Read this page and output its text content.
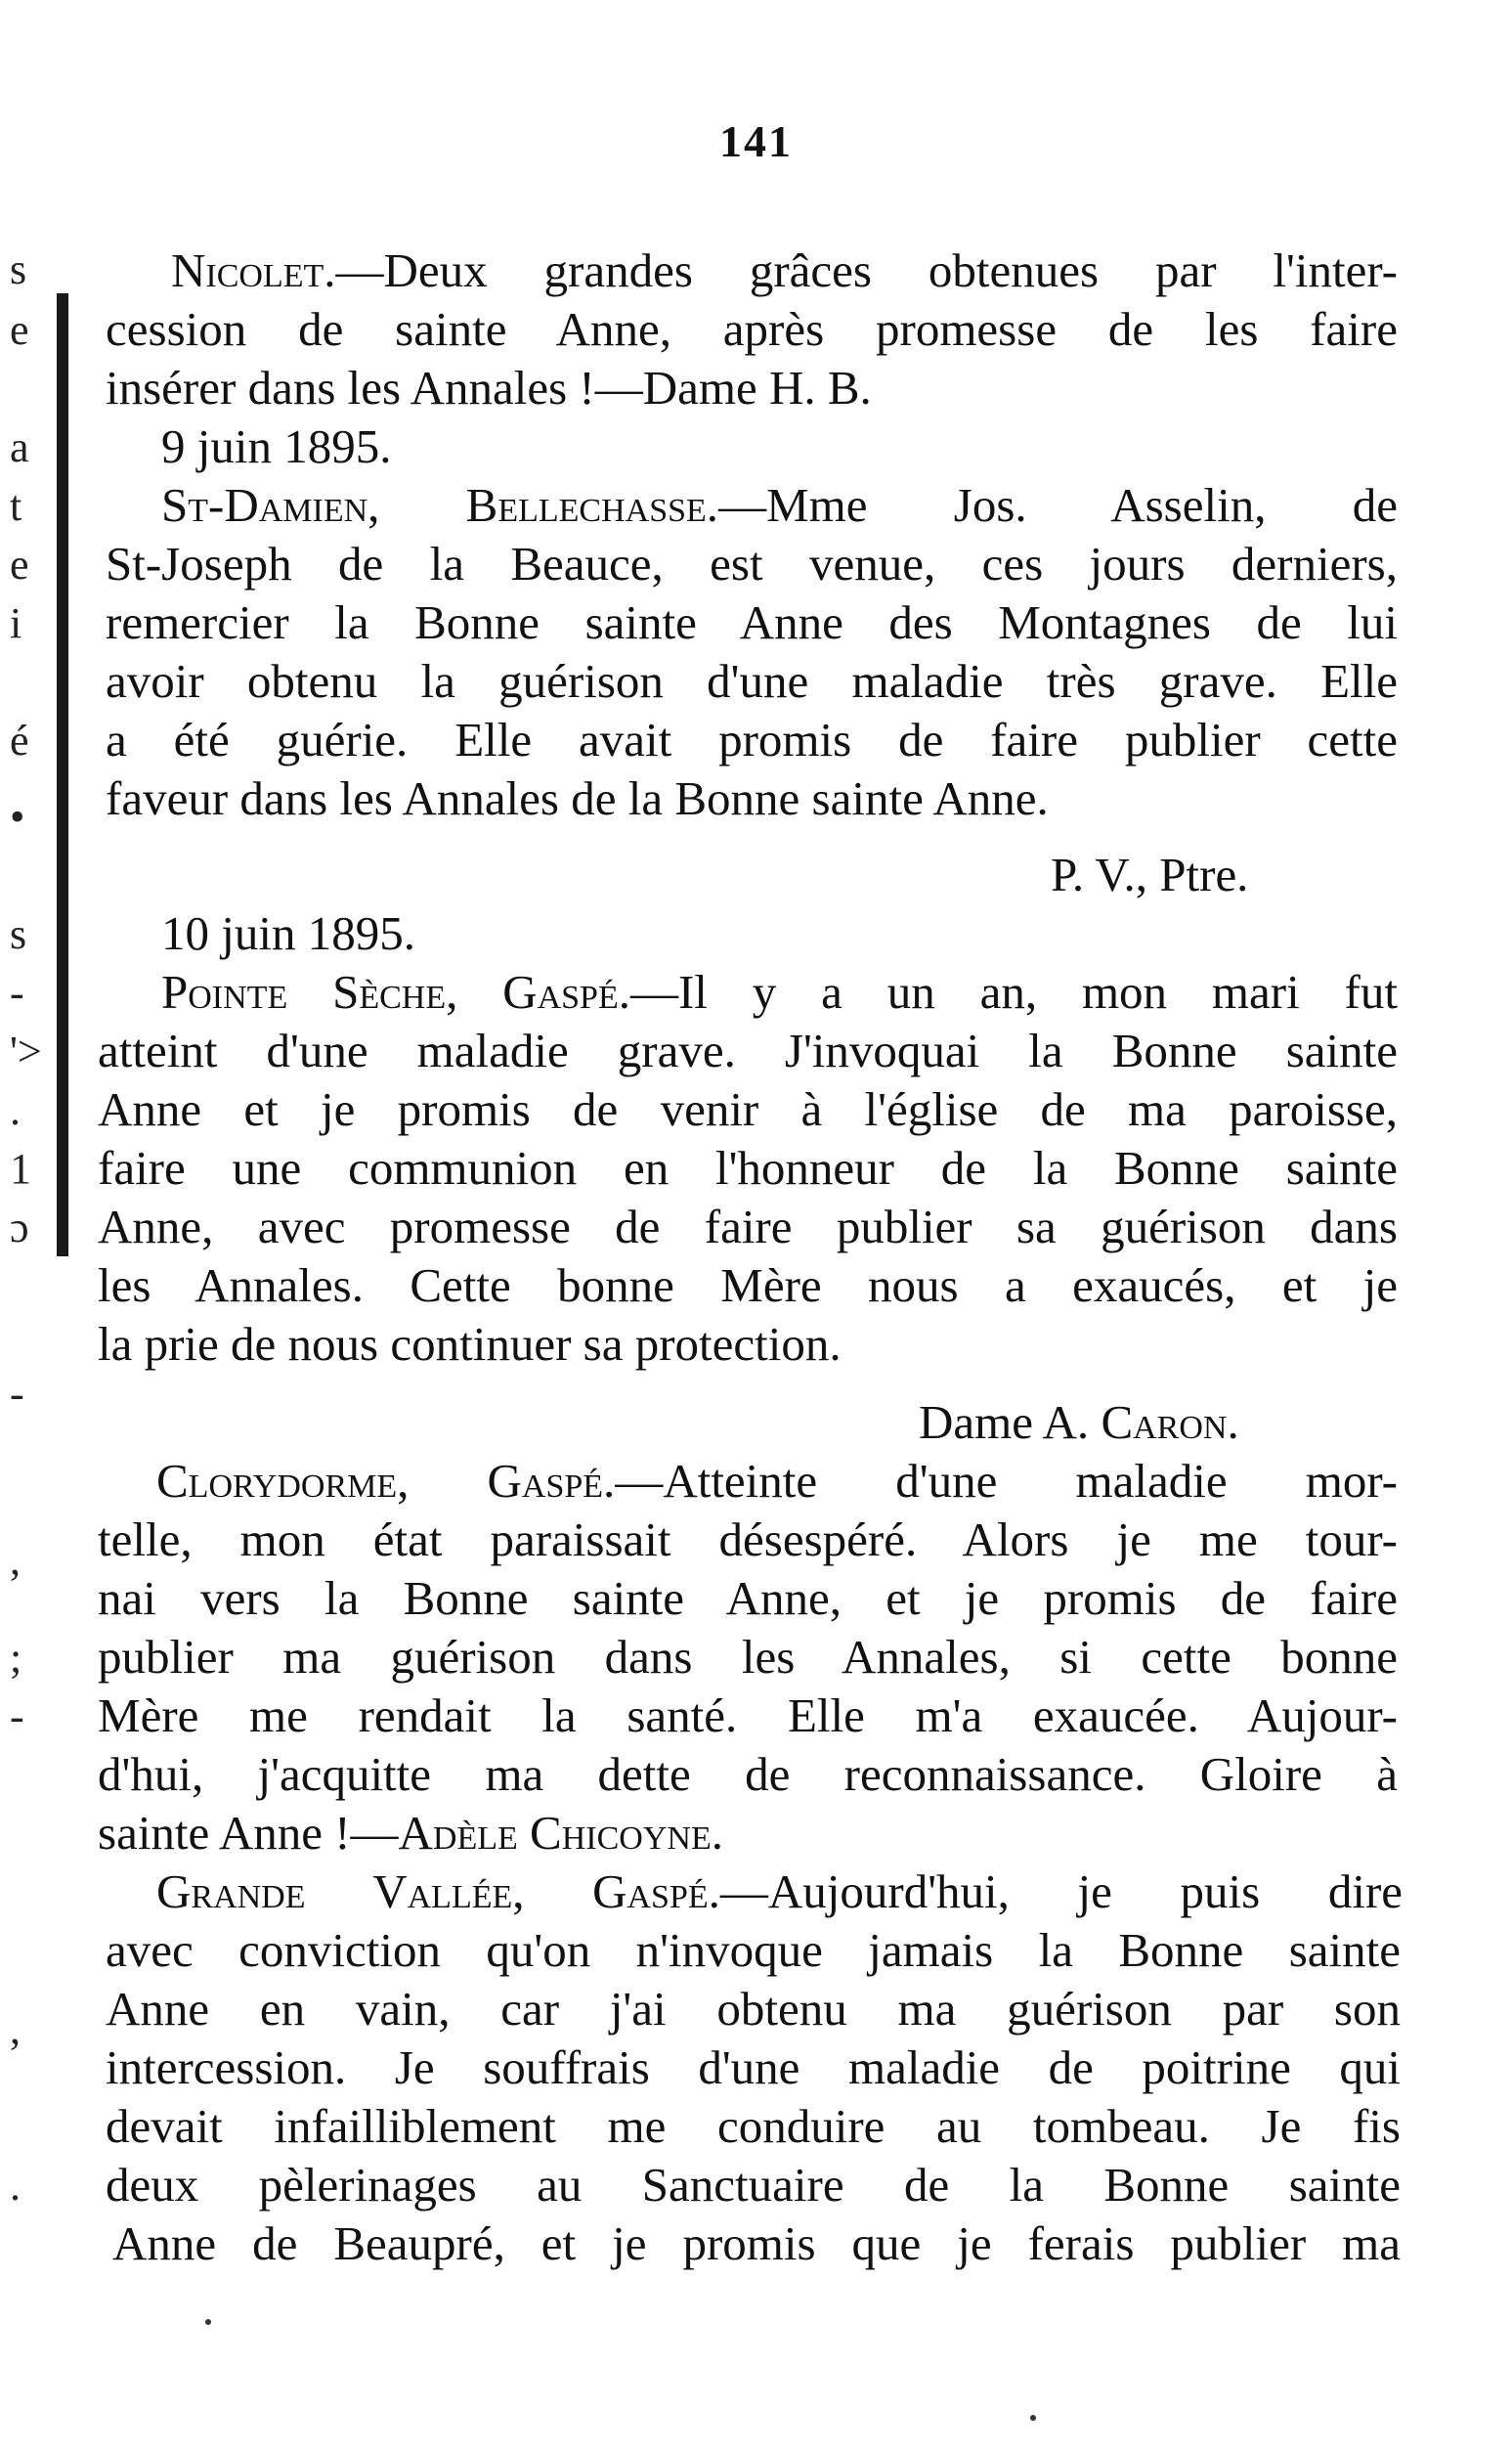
141
s
e
a
t
e
i
é
•
s
-
'>
.
1
ɔ
-
,
;
-
,
.
Nicolet.—Deux grandes grâces obtenues par l'inter-
cession de sainte Anne, après promesse de les faire
insérer dans les Annales !—Dame H. B.
9 juin 1895.
St-Damien, Bellechasse.—Mme Jos. Asselin, de
St-Joseph de la Beauce, est venue, ces jours derniers,
remercier la Bonne sainte Anne des Montagnes de lui
avoir obtenu la guérison d'une maladie très grave. Elle
a été guérie. Elle avait promis de faire publier cette
faveur dans les Annales de la Bonne sainte Anne.
P. V., Ptre.
10 juin 1895.
Pointe Sèche, Gaspé.—Il y a un an, mon mari fut
atteint d'une maladie grave. J'invoquai la Bonne sainte
Anne et je promis de venir à l'église de ma paroisse,
faire une communion en l'honneur de la Bonne sainte
Anne, avec promesse de faire publier sa guérison dans
les Annales. Cette bonne Mère nous a exaucés, et je
la prie de nous continuer sa protection.
Dame A. Caron.
Clorydorme, Gaspé.—Atteinte d'une maladie mor-
telle, mon état paraissait désespéré. Alors je me tour-
nai vers la Bonne sainte Anne, et je promis de faire
publier ma guérison dans les Annales, si cette bonne
Mère me rendait la santé. Elle m'a exaucée. Aujour-
d'hui, j'acquitte ma dette de reconnaissance. Gloire à
sainte Anne !—Adèle Chicoyne.
Grande Vallée, Gaspé.—Aujourd'hui, je puis dire
avec conviction qu'on n'invoque jamais la Bonne sainte
Anne en vain, car j'ai obtenu ma guérison par son
intercession. Je souffrais d'une maladie de poitrine qui
devait infailliblement me conduire au tombeau. Je fis
deux pèlerinages au Sanctuaire de la Bonne sainte
Anne de Beaupré, et je promis que je ferais publier ma
